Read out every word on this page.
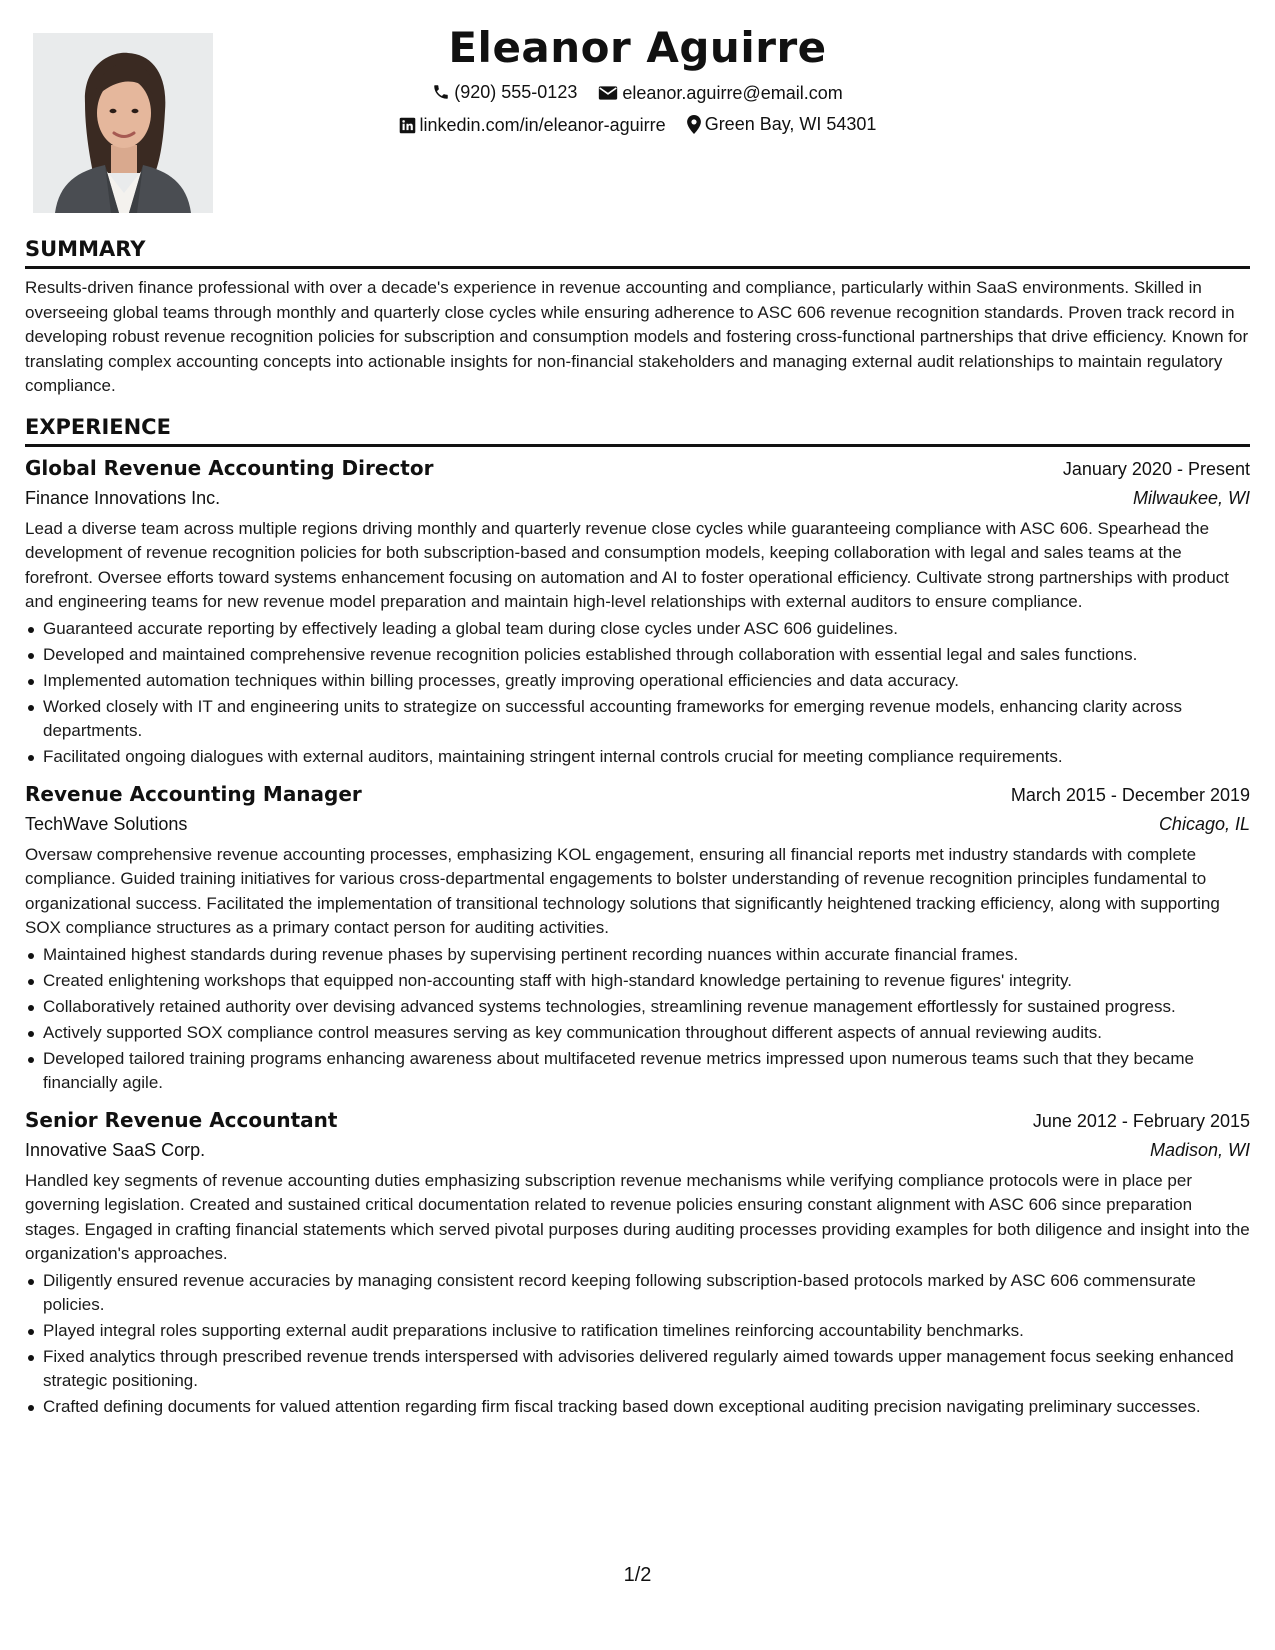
Eleanor Aguirre
(920) 555-0123
	eleanor.aguirre@email.com
linkedin.com/in/eleanor-aguirre
Green Bay, WI 54301
SUMMARY

Results-driven finance professional with over a decade's experience in revenue accounting and compliance, particularly within SaaS environments. Skilled in overseeing global teams through monthly and quarterly close cycles while ensuring adherence to ASC 606 revenue recognition standards. Proven track record in developing robust revenue recognition policies for subscription and consumption models and fostering cross-functional partnerships that drive efficiency. Known for translating complex accounting concepts into actionable insights for non-financial stakeholders and managing external audit relationships to maintain regulatory compliance.

EXPERIENCE
Global Revenue Accounting Director	January 2020 - Present
Finance Innovations Inc.	Milwaukee, WI

Lead a diverse team across multiple regions driving monthly and quarterly revenue close cycles while guaranteeing compliance with ASC 606. Spearhead the development of revenue recognition policies for both subscription-based and consumption models, keeping collaboration with legal and sales teams at the forefront. Oversee efforts toward systems enhancement focusing on automation and AI to foster operational efficiency. Cultivate strong partnerships with product and engineering teams for new revenue model preparation and maintain high-level relationships with external auditors to ensure compliance.

Guaranteed accurate reporting by effectively leading a global team during close cycles under ASC 606 guidelines.
Developed and maintained comprehensive revenue recognition policies established through collaboration with essential legal and sales functions.
Implemented automation techniques within billing processes, greatly improving operational efficiencies and data accuracy.
Worked closely with IT and engineering units to strategize on successful accounting frameworks for emerging revenue models, enhancing clarity across departments.
Facilitated ongoing dialogues with external auditors, maintaining stringent internal controls crucial for meeting compliance requirements.
Revenue Accounting Manager	March 2015 - December 2019
TechWave Solutions	Chicago, IL

Oversaw comprehensive revenue accounting processes, emphasizing KOL engagement, ensuring all financial reports met industry standards with complete compliance. Guided training initiatives for various cross-departmental engagements to bolster understanding of revenue recognition principles fundamental to organizational success. Facilitated the implementation of transitional technology solutions that significantly heightened tracking efficiency, along with supporting SOX compliance structures as a primary contact person for auditing activities.

Maintained highest standards during revenue phases by supervising pertinent recording nuances within accurate financial frames.
Created enlightening workshops that equipped non-accounting staff with high-standard knowledge pertaining to revenue figures' integrity.
Collaboratively retained authority over devising advanced systems technologies, streamlining revenue management effortlessly for sustained progress.
Actively supported SOX compliance control measures serving as key communication throughout different aspects of annual reviewing audits.
Developed tailored training programs enhancing awareness about multifaceted revenue metrics impressed upon numerous teams such that they became financially agile.
Senior Revenue Accountant	June 2012 - February 2015
Innovative SaaS Corp.	Madison, WI

Handled key segments of revenue accounting duties emphasizing subscription revenue mechanisms while verifying compliance protocols were in place per governing legislation. Created and sustained critical documentation related to revenue policies ensuring constant alignment with ASC 606 since preparation stages. Engaged in crafting financial statements which served pivotal purposes during auditing processes providing examples for both diligence and insight into the organization's approaches.

Diligently ensured revenue accuracies by managing consistent record keeping following subscription-based protocols marked by ASC 606 commensurate policies.
Played integral roles supporting external audit preparations inclusive to ratification timelines reinforcing accountability benchmarks.
Fixed analytics through prescribed revenue trends interspersed with advisories delivered regularly aimed towards upper management focus seeking enhanced strategic positioning.
Crafted defining documents for valued attention regarding firm fiscal tracking based down exceptional auditing precision navigating preliminary successes.
1/2
